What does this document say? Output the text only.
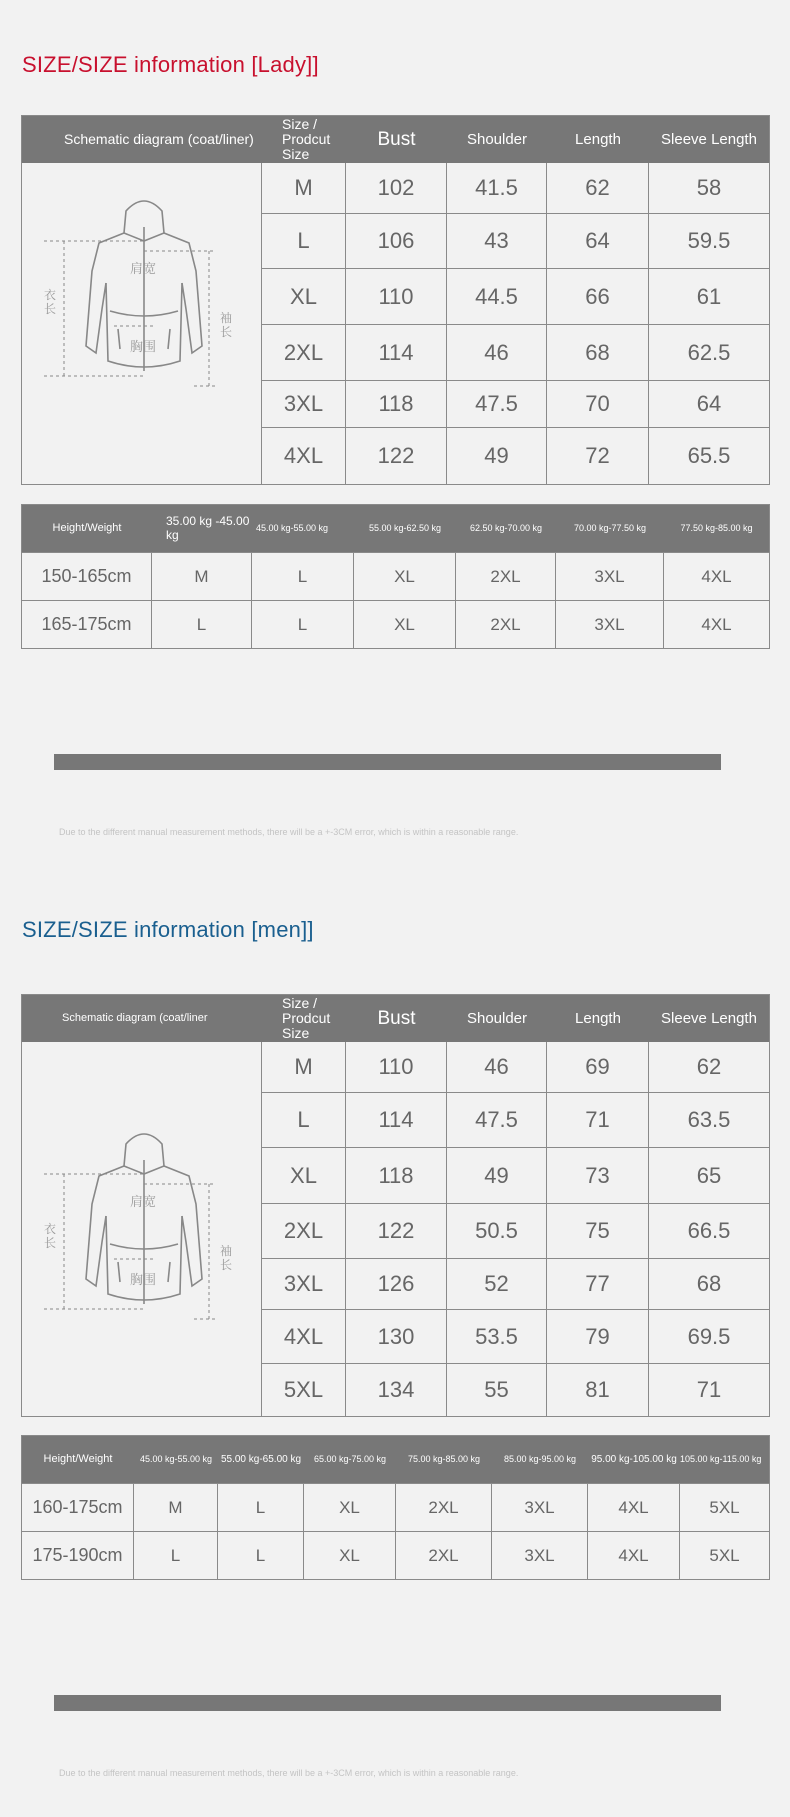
SIZE/SIZE information [Lady]]
Schematic diagram (coat/liner)
Size / Prodcut Size
Bust	Shoulder	Length	Sleeve Length
肩宽
胸围
衣长
袖长
M	102	41.5	62	58
L	106	43	64	59.5
XL	110	44.5	66	61
2XL	114	46	68	62.5
3XL	118	47.5	70	64
4XL	122	49	72	65.5
Height/Weight
35.00 kg -45.00 kg	45.00 kg-55.00 kg	55.00 kg-62.50 kg	62.50 kg-70.00 kg	70.00 kg-77.50 kg	77.50 kg-85.00 kg
150-165cm	M	L	XL	2XL	3XL	4XL
165-175cm	L	L	XL	2XL	3XL	4XL
Due to the different manual measurement methods, there will be a +-3CM error, which is within a reasonable range.
SIZE/SIZE information [men]]
Schematic diagram (coat/liner
Size / Prodcut Size
Bust	Shoulder	Length	Sleeve Length
肩宽
胸围
衣长
袖长
M	110	46	69	62
L	114	47.5	71	63.5
XL	118	49	73	65
2XL	122	50.5	75	66.5
3XL	126	52	77	68
4XL	130	53.5	79	69.5
5XL	134	55	81	71
Height/Weight	45.00 kg-55.00 kg 55.00 kg-65.00 kg	65.00 kg-75.00 kg	75.00 kg-85.00 kg	85.00 kg-95.00 kg	95.00 kg-105.00 kg 105.00 kg-115.00 kg
160-175cm	M	L	XL	2XL	3XL	4XL	5XL
175-190cm	L	L	XL	2XL	3XL	4XL	5XL
Due to the different manual measurement methods, there will be a +-3CM error, which is within a reasonable range.
